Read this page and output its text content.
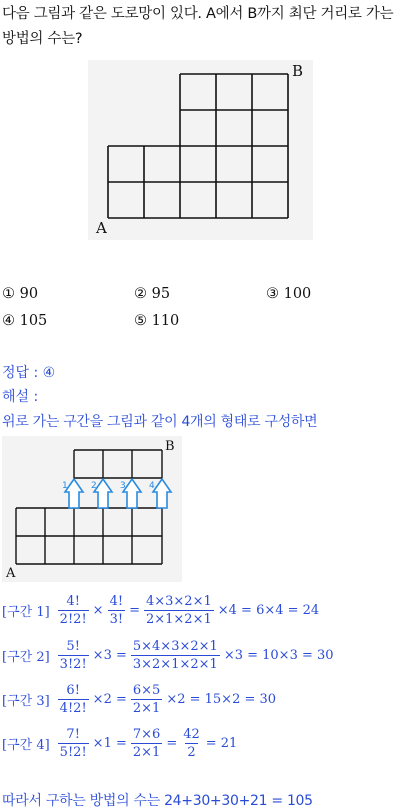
다음 그림과 같은 도로망이 있다. A에서 B까지 최단 거리로 가는
방법의 수는?
A
B
① 90	② 95	③ 100
④ 105	⑤ 110
정답 : ④
해설 :
위로 가는 구간을 그림과 같이 4개의 형태로 구성하면
1	2	3	4
A
B
[구간 $1] \frac{4!}{2!2!} \times \frac{4!}{3!} = \frac{4\times 3\times 2\times 1}{2\times 1\times 2\times 1} \times 4 = 6\times 4 = 24$
[구간 $2] \frac{5!}{3!2!} \times 3 = \frac{5\times 4\times 3\times 2\times 1}{3\times 2\times 1\times 2\times 1} \times 3 = 10\times 3 = 30$
[구간 $3] \frac{6!}{4!2!} \times 2 = \frac{6\times 5}{2\times 1} \times 2 = 15\times 2 = 30$
[구간 $4] \frac{7!}{5!2!} \times 1 = \frac{7\times 6}{2\times 1} = \frac{42}{2} = 21$
따라서 구하는 방법의 수는 24+30+30+21 = 105
